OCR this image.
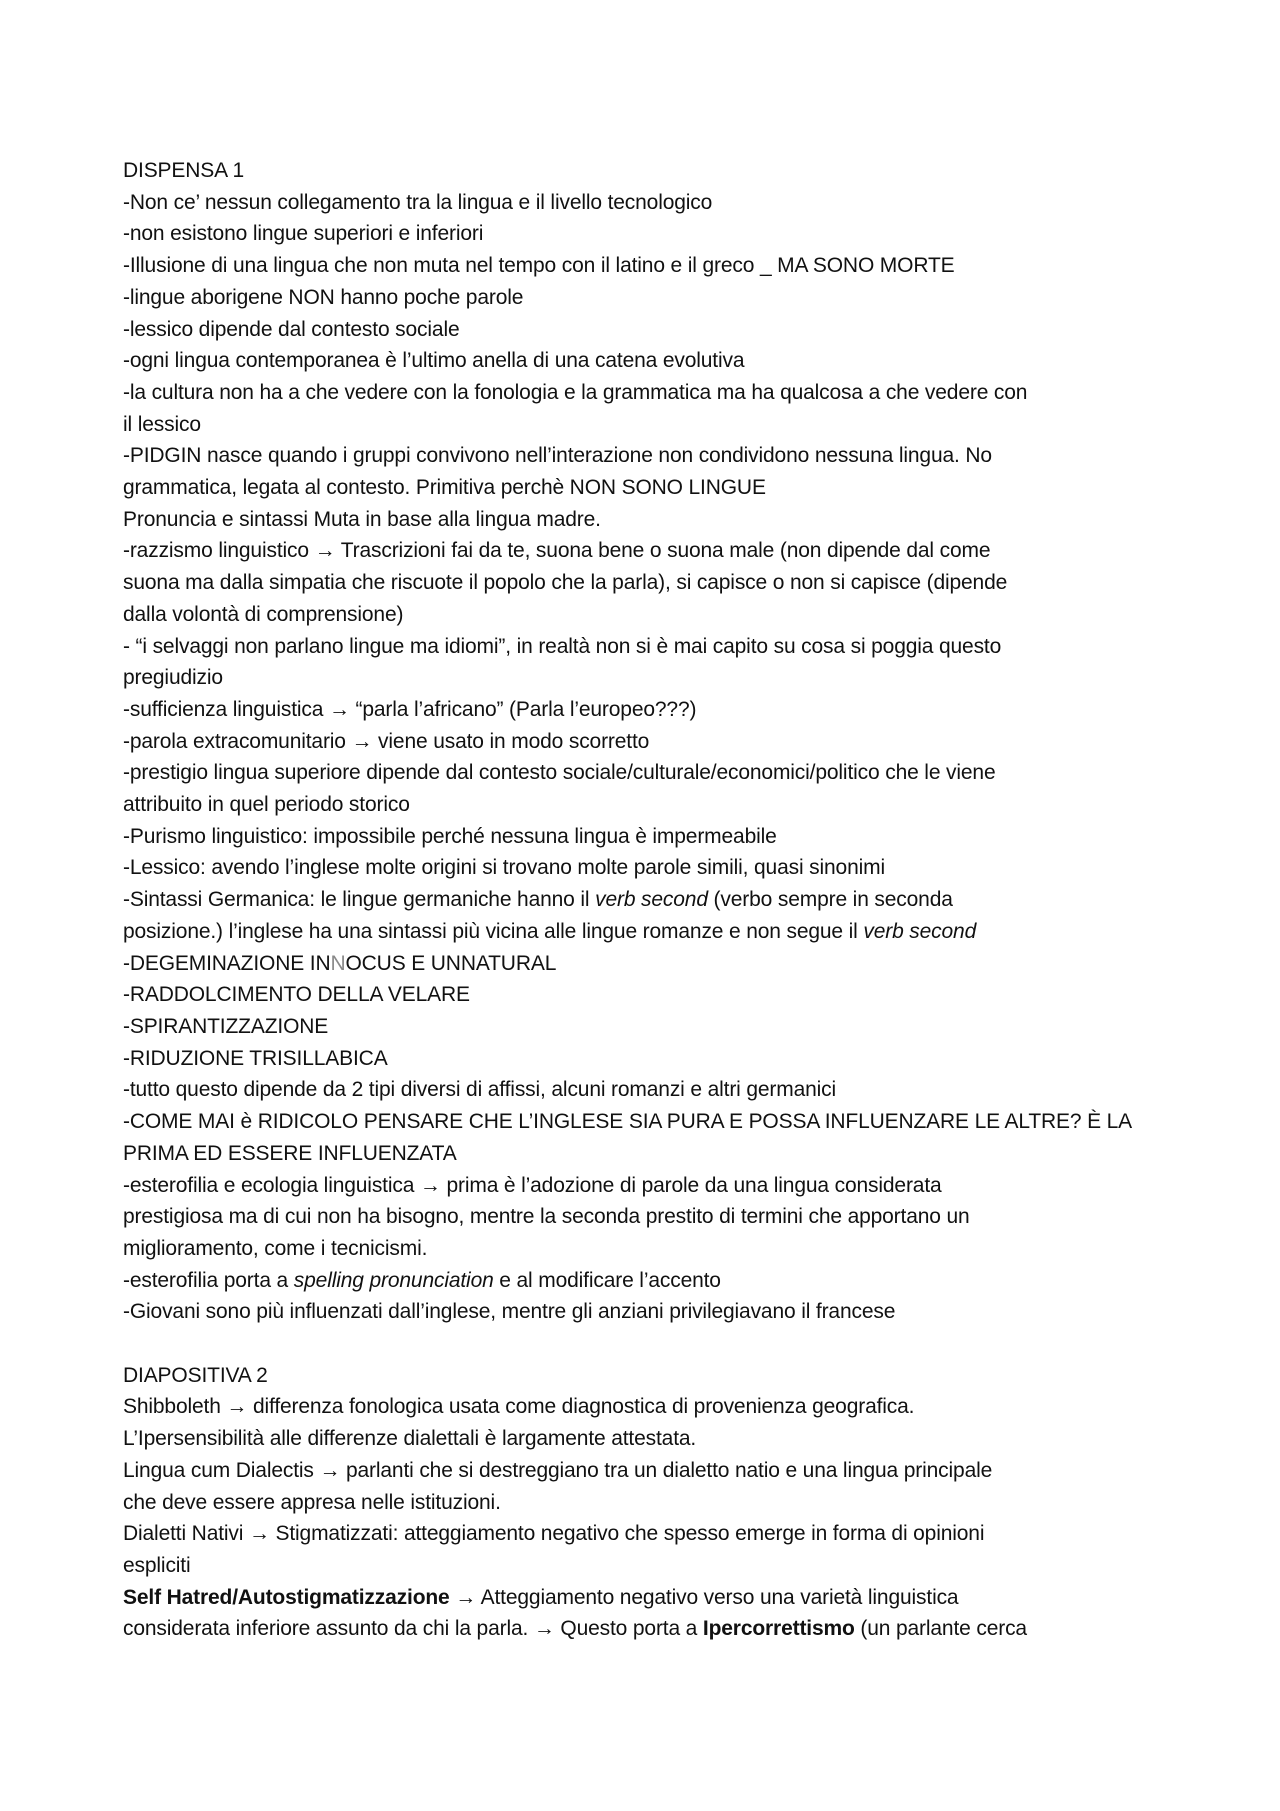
DISPENSA 1
-Non ce’ nessun collegamento tra la lingua e il livello tecnologico
-non esistono lingue superiori e inferiori
-Illusione di una lingua che non muta nel tempo con il latino e il greco _ MA SONO MORTE
-lingue aborigene NON hanno poche parole
-lessico dipende dal contesto sociale
-ogni lingua contemporanea è l’ultimo anella di una catena evolutiva
-la cultura non ha a che vedere con la fonologia e la grammatica ma ha qualcosa a che vedere con
il lessico
-PIDGIN nasce quando i gruppi convivono nell’interazione non condividono nessuna lingua. No
grammatica, legata al contesto. Primitiva perchè NON SONO LINGUE
Pronuncia e sintassi Muta in base alla lingua madre.
-razzismo linguistico → Trascrizioni fai da te, suona bene o suona male (non dipende dal come
suona ma dalla simpatia che riscuote il popolo che la parla), si capisce o non si capisce (dipende
dalla volontà di comprensione)
- “i selvaggi non parlano lingue ma idiomi”, in realtà non si è mai capito su cosa si poggia questo
pregiudizio
-sufficienza linguistica → “parla l’africano” (Parla l’europeo???)
-parola extracomunitario → viene usato in modo scorretto
-prestigio lingua superiore dipende dal contesto sociale/culturale/economici/politico che le viene
attribuito in quel periodo storico
-Purismo linguistico: impossibile perché nessuna lingua è impermeabile
-Lessico: avendo l’inglese molte origini si trovano molte parole simili, quasi sinonimi
-Sintassi Germanica: le lingue germaniche hanno il verb second (verbo sempre in seconda
posizione.) l’inglese ha una sintassi più vicina alle lingue romanze e non segue il verb second
-DEGEMINAZIONE INNOCUS E UNNATURAL
-RADDOLCIMENTO DELLA VELARE
-SPIRANTIZZAZIONE
-RIDUZIONE TRISILLABICA
-tutto questo dipende da 2 tipi diversi di affissi, alcuni romanzi e altri germanici
-COME MAI è RIDICOLO PENSARE CHE L’INGLESE SIA PURA E POSSA INFLUENZARE LE ALTRE? È LA
PRIMA ED ESSERE INFLUENZATA
-esterofilia e ecologia linguistica → prima è l’adozione di parole da una lingua considerata
prestigiosa ma di cui non ha bisogno, mentre la seconda prestito di termini che apportano un
miglioramento, come i tecnicismi.
-esterofilia porta a spelling pronunciation e al modificare l’accento
-Giovani sono più influenzati dall’inglese, mentre gli anziani privilegiavano il francese
DIAPOSITIVA 2
Shibboleth → differenza fonologica usata come diagnostica di provenienza geografica.
L’Ipersensibilità alle differenze dialettali è largamente attestata.
Lingua cum Dialectis → parlanti che si destreggiano tra un dialetto natio e una lingua principale
che deve essere appresa nelle istituzioni.
Dialetti Nativi → Stigmatizzati: atteggiamento negativo che spesso emerge in forma di opinioni
espliciti
Self Hatred/Autostigmatizzazione → Atteggiamento negativo verso una varietà linguistica
considerata inferiore assunto da chi la parla. → Questo porta a Ipercorrettismo (un parlante cerca
